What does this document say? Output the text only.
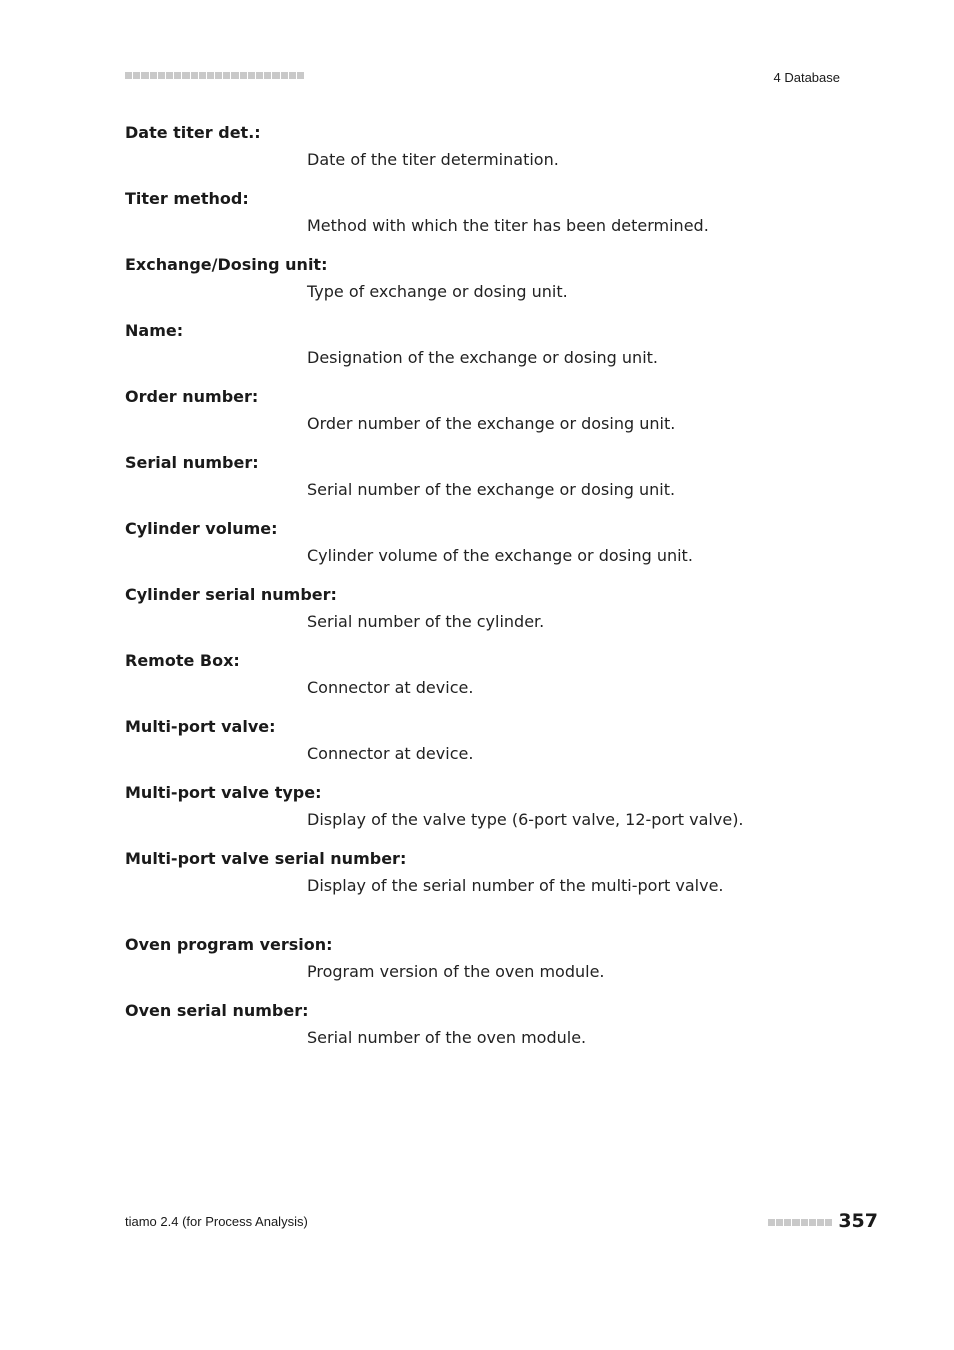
4 Database
Date titer det.:
Date of the titer determination.
Titer method:
Method with which the titer has been determined.
Exchange/Dosing unit:
Type of exchange or dosing unit.
Name:
Designation of the exchange or dosing unit.
Order number:
Order number of the exchange or dosing unit.
Serial number:
Serial number of the exchange or dosing unit.
Cylinder volume:
Cylinder volume of the exchange or dosing unit.
Cylinder serial number:
Serial number of the cylinder.
Remote Box:
Connector at device.
Multi-port valve:
Connector at device.
Multi-port valve type:
Display of the valve type (6-port valve, 12-port valve).
Multi-port valve serial number:
Display of the serial number of the multi-port valve.
Oven program version:
Program version of the oven module.
Oven serial number:
Serial number of the oven module.
tiamo 2.4 (for Process Analysis)	357
